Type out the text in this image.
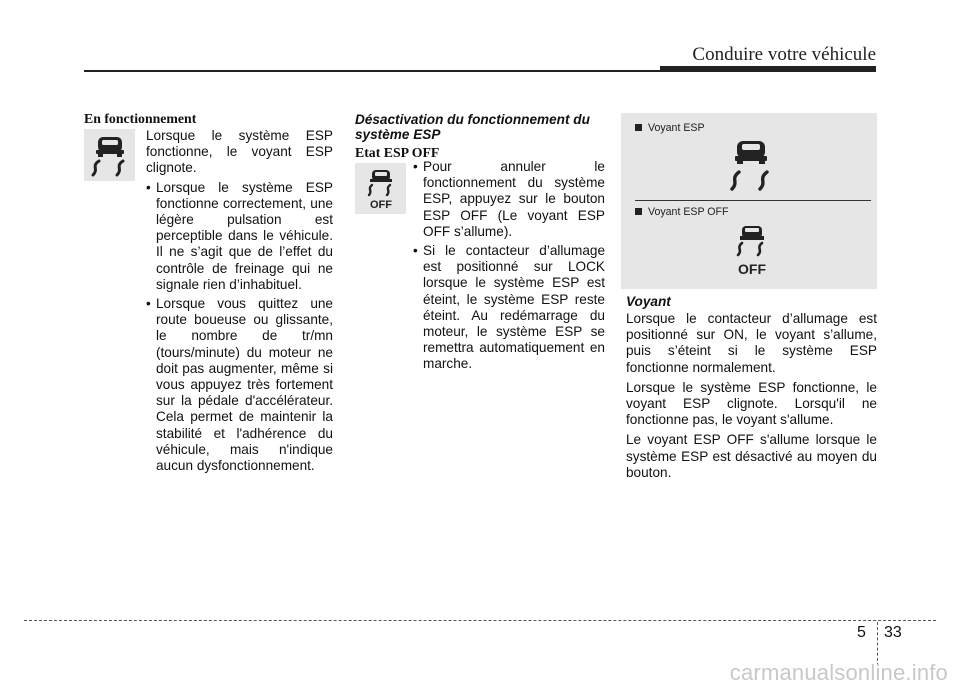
Conduire votre véhicule
En fonctionnement

Lorsque le système ESP fonctionne, le voyant ESP clignote.

• Lorsque le système ESP fonctionne correctement, une légère pulsation est perceptible dans le véhicule. Il ne s’agit que de l’effet du contrôle de freinage qui ne signale rien d’inhabituel.
• Lorsque vous quittez une route boueuse ou glissante, le nombre de tr/mn (tours/minute) du moteur ne doit pas augmenter, même si vous appuyez très fortement sur la pédale d'accélérateur. Cela permet de maintenir la stabilité et l'adhérence du véhicule, mais n'indique aucun dysfonctionnement.
Désactivation du fonctionnement du
système ESP
Etat ESP OFF
OFF
• Pour annuler le fonctionnement du système ESP, appuyez sur le bouton ESP OFF (Le voyant ESP OFF s’allume).
• Si le contacteur d’allumage est positionné sur LOCK lorsque le système ESP est éteint, le système ESP reste éteint. Au redémarrage du moteur, le système ESP se remettra automatiquement en marche.
Voyant ESP
Voyant ESP OFF
OFF
Voyant

Lorsque le contacteur d’allumage est positionné sur ON, le voyant s’allume, puis s’éteint si le système ESP fonctionne normalement.

Lorsque le système ESP fonctionne, le voyant ESP clignote. Lorsqu'il ne fonctionne pas, le voyant s'allume.

Le voyant ESP OFF s'allume lorsque le système ESP est désactivé au moyen du bouton.

5 33
carmanualsonline.info
